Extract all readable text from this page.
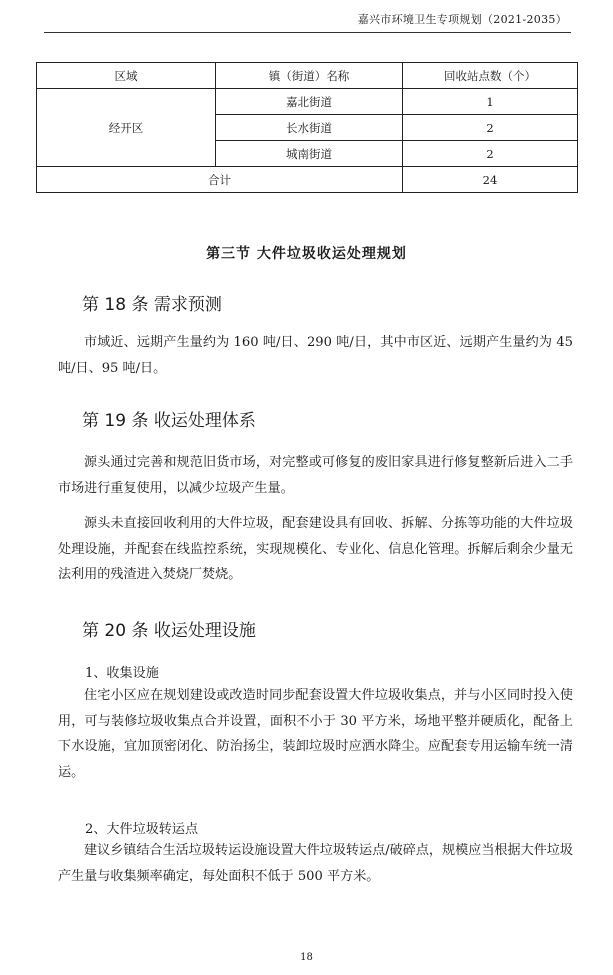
嘉兴市环境卫生专项规划（2021-2035）
区域	镇（街道）名称	回收站点数（个）
经开区	嘉北街道	1
	长水街道	2
	城南街道	2
合计		24
第三节 大件垃圾收运处理规划
第 18 条 需求预测

市域近、远期产生量约为 160 吨/日、290 吨/日，其中市区近、远期产生量约为 45 吨/日、95 吨/日。

第 19 条 收运处理体系

源头通过完善和规范旧货市场，对完整或可修复的废旧家具进行修复整新后进入二手市场进行重复使用，以减少垃圾产生量。

源头未直接回收利用的大件垃圾，配套建设具有回收、拆解、分拣等功能的大件垃圾处理设施，并配套在线监控系统，实现规模化、专业化、信息化管理。拆解后剩余少量无法利用的残渣进入焚烧厂焚烧。

第 20 条 收运处理设施
1、收集设施

住宅小区应在规划建设或改造时同步配套设置大件垃圾收集点，并与小区同时投入使用，可与装修垃圾收集点合并设置，面积不小于 30 平方米，场地平整并硬质化，配备上下水设施，宜加顶密闭化、防治扬尘，装卸垃圾时应洒水降尘。应配套专用运输车统一清运。

2、大件垃圾转运点

建议乡镇结合生活垃圾转运设施设置大件垃圾转运点/破碎点，规模应当根据大件垃圾产生量与收集频率确定，每处面积不低于 500 平方米。

18
